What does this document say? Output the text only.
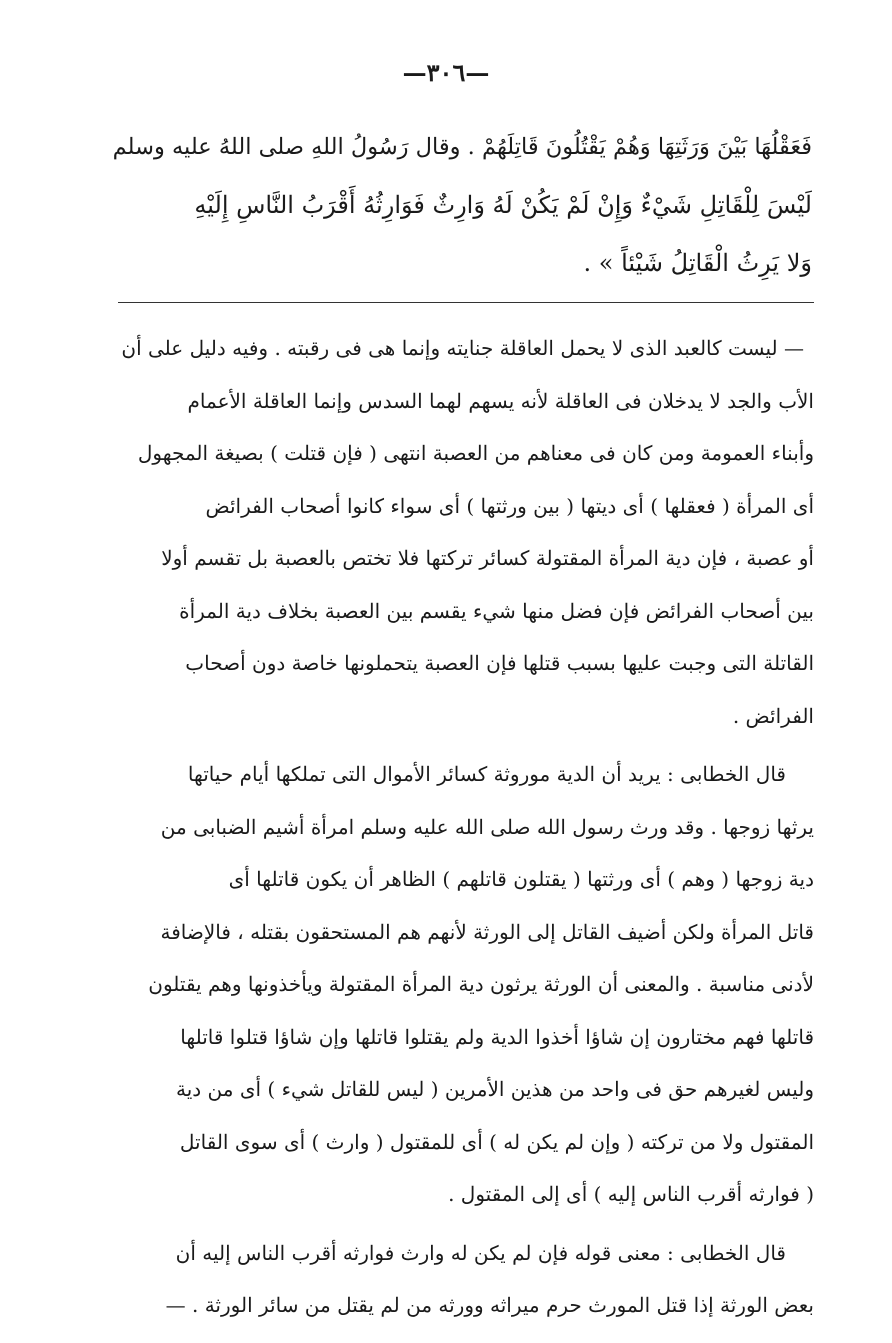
—٣٠٦—
فَعَقْلُهَا بَيْنَ وَرَثَتِهَا وَهُمْ يَقْتُلُونَ قَاتِلَهُمْ . وقال رَسُولُ اللهِ صلى اللهُ عليه وسلم
لَيْسَ لِلْقَاتِلِ شَيْءٌ وَإِنْ لَمْ يَكُنْ لَهُ وَارِثٌ فَوَارِثُهُ أَقْرَبُ النَّاسِ إِلَيْهِ
وَلا يَرِثُ الْقَاتِلُ شَيْئاً » .
— ليست كالعبد الذى لا يحمل العاقلة جنايته وإنما هى فى رقبته . وفيه دليل على أن
الأب والجد لا يدخلان فى العاقلة لأنه يسهم لهما السدس وإنما العاقلة الأعمام
وأبناء العمومة ومن كان فى معناهم من العصبة انتهى ( فإن قتلت ) بصيغة المجهول
أى المرأة ( فعقلها ) أى ديتها ( بين ورثتها ) أى سواء كانوا أصحاب الفرائض
أو عصبة ، فإن دية المرأة المقتولة كسائر تركتها فلا تختص بالعصبة بل تقسم أولا
بين أصحاب الفرائض فإن فضل منها شيء يقسم بين العصبة بخلاف دية المرأة
القاتلة التى وجبت عليها بسبب قتلها فإن العصبة يتحملونها خاصة دون أصحاب
الفرائض .
قال الخطابى : يريد أن الدية موروثة كسائر الأموال التى تملكها أيام حياتها
يرثها زوجها . وقد ورث رسول الله صلى الله عليه وسلم امرأة أشيم الضبابى من
دية زوجها ( وهم ) أى ورثتها ( يقتلون قاتلهم ) الظاهر أن يكون قاتلها أى
قاتل المرأة ولكن أضيف القاتل إلى الورثة لأنهم هم المستحقون بقتله ، فالإضافة
لأدنى مناسبة . والمعنى أن الورثة يرثون دية المرأة المقتولة ويأخذونها وهم يقتلون
قاتلها فهم مختارون إن شاؤا أخذوا الدية ولم يقتلوا قاتلها وإن شاؤا قتلوا قاتلها
وليس لغيرهم حق فى واحد من هذين الأمرين ( ليس للقاتل شيء ) أى من دية
المقتول ولا من تركته ( وإن لم يكن له ) أى للمقتول ( وارث ) أى سوى القاتل
( فوارثه أقرب الناس إليه ) أى إلى المقتول .
قال الخطابى : معنى قوله فإن لم يكن له وارث فوارثه أقرب الناس إليه أن
بعض الورثة إذا قتل المورث حرم ميراثه وورثه من لم يقتل من سائر الورثة . —
